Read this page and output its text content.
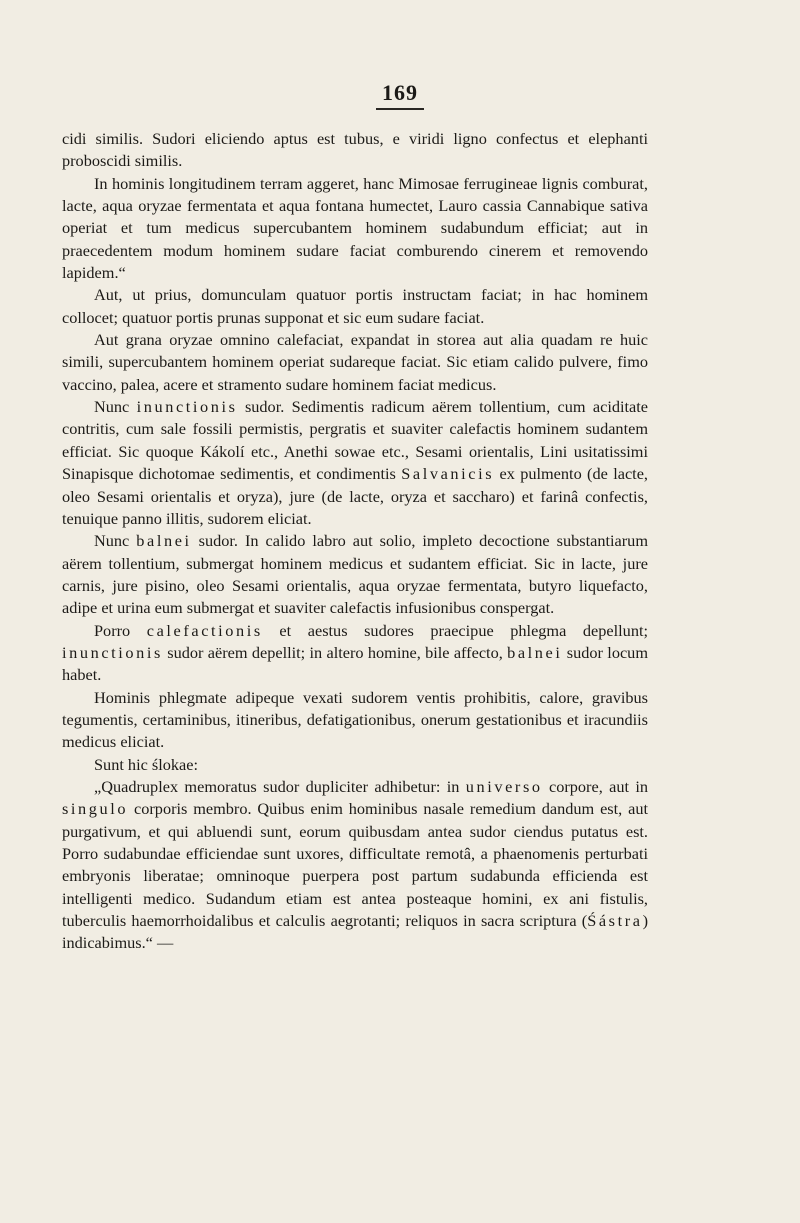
169

cidi similis. Sudori eliciendo aptus est tubus, e viridi ligno confectus et elephanti proboscidi similis.

In hominis longitudinem terram aggeret, hanc Mimosae ferrugineae lignis comburat, lacte, aqua oryzae fermentata et aqua fontana humectet, Lauro cassia Cannabique sativa operiat et tum medicus supercubantem hominem sudabundum efficiat; aut in praecedentem modum hominem sudare faciat comburendo cinerem et removendo lapidem.“

Aut, ut prius, domunculam quatuor portis instructam faciat; in hac hominem collocet; quatuor portis prunas supponat et sic eum sudare faciat.

Aut grana oryzae omnino calefaciat, expandat in storea aut alia quadam re huic simili, supercubantem hominem operiat sudareque faciat. Sic etiam calido pulvere, fimo vaccino, palea, acere et stramento sudare hominem faciat medicus.

Nunc inunctionis sudor. Sedimentis radicum aërem tollentium, cum aciditate contritis, cum sale fossili permistis, pergratis et suaviter calefactis hominem sudantem efficiat. Sic quoque Kákolí etc., Anethi sowae etc., Sesami orientalis, Lini usitatissimi Sinapisque dichotomae sedimentis, et condimentis Salvanicis ex pulmento (de lacte, oleo Sesami orientalis et oryza), jure (de lacte, oryza et saccharo) et farinâ confectis, tenuique panno illitis, sudorem eliciat.

Nunc balnei sudor. In calido labro aut solio, impleto decoctione substantiarum aërem tollentium, submergat hominem medicus et sudantem efficiat. Sic in lacte, jure carnis, jure pisino, oleo Sesami orientalis, aqua oryzae fermentata, butyro liquefacto, adipe et urina eum submergat et suaviter calefactis infusionibus conspergat.

Porro calefactionis et aestus sudores praecipue phlegma depellunt; inunctionis sudor aërem depellit; in altero homine, bile affecto, balnei sudor locum habet.

Hominis phlegmate adipeque vexati sudorem ventis prohibitis, calore, gravibus tegumentis, certaminibus, itineribus, defatigationibus, onerum gestationibus et iracundiis medicus eliciat.

Sunt hic ślokae:

„Quadruplex memoratus sudor dupliciter adhibetur: in universo corpore, aut in singulo corporis membro. Quibus enim hominibus nasale remedium dandum est, aut purgativum, et qui abluendi sunt, eorum quibusdam antea sudor ciendus putatus est. Porro sudabundae efficiendae sunt uxores, difficultate remotâ, a phaenomenis perturbati embryonis liberatae; omninoque puerpera post partum sudabunda efficienda est intelligenti medico. Sudandum etiam est antea posteaque homini, ex ani fistulis, tuberculis haemorrhoidalibus et calculis aegrotanti; reliquos in sacra scriptura (Śástra) indicabimus.“ —
